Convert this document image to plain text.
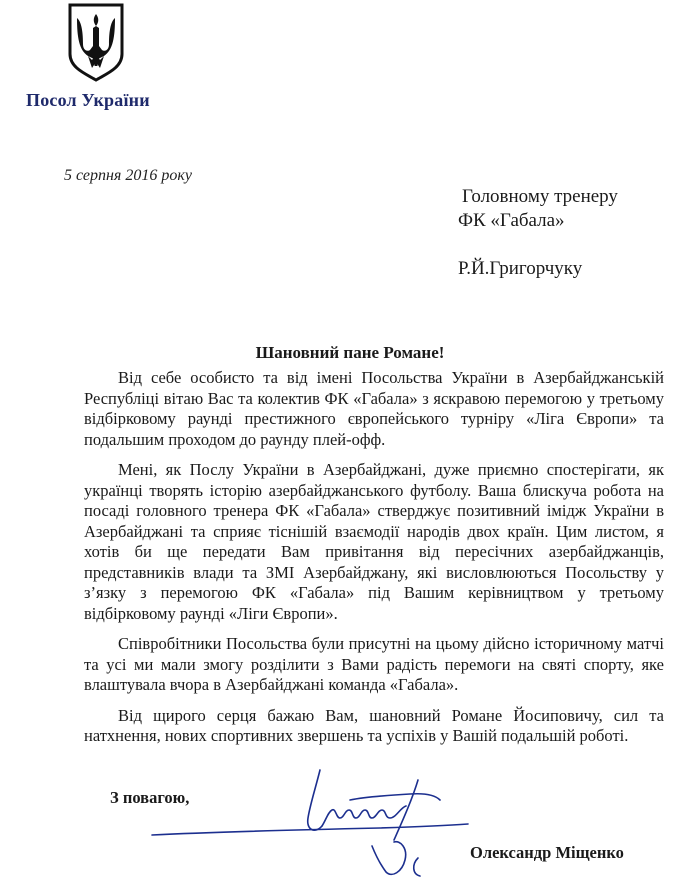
Посол України
5 серпня 2016 року
Головному тренеру
ФК «Габала»
Р.Й.Григорчуку
Шановний пане Романе!

Від себе особисто та від імені Посольства України в Азербайджанській Республіці вітаю Вас та колектив ФК «Габала» з яскравою перемогою у третьому відбірковому раунді престижного європейського турніру «Ліга Європи» та подальшим проходом до раунду плей-офф.

Мені, як Послу України в Азербайджані, дуже приємно спостерігати, як українці творять історію азербайджанського футболу. Ваша блискуча робота на посаді головного тренера ФК «Габала» стверджує позитивний імідж України в Азербайджані та сприяє тіснішій взаємодії народів двох країн. Цим листом, я хотів би ще передати Вам привітання від пересічних азербайджанців, представників влади та ЗМІ Азербайджану, які висловлюються Посольству у з’язку з перемогою ФК «Габала» під Вашим керівництвом у третьому відбірковому раунді «Ліги Європи».

Співробітники Посольства були присутні на цьому дійсно історичному матчі та усі ми мали змогу розділити з Вами радість перемоги на святі спорту, яке влаштувала вчора в Азербайджані команда «Габала».

Від щирого серця бажаю Вам, шановний Романе Йосиповичу, сил та натхнення, нових спортивних звершень та успіхів у Вашій подальшій роботі.

З повагою,
Олександр Міщенко
